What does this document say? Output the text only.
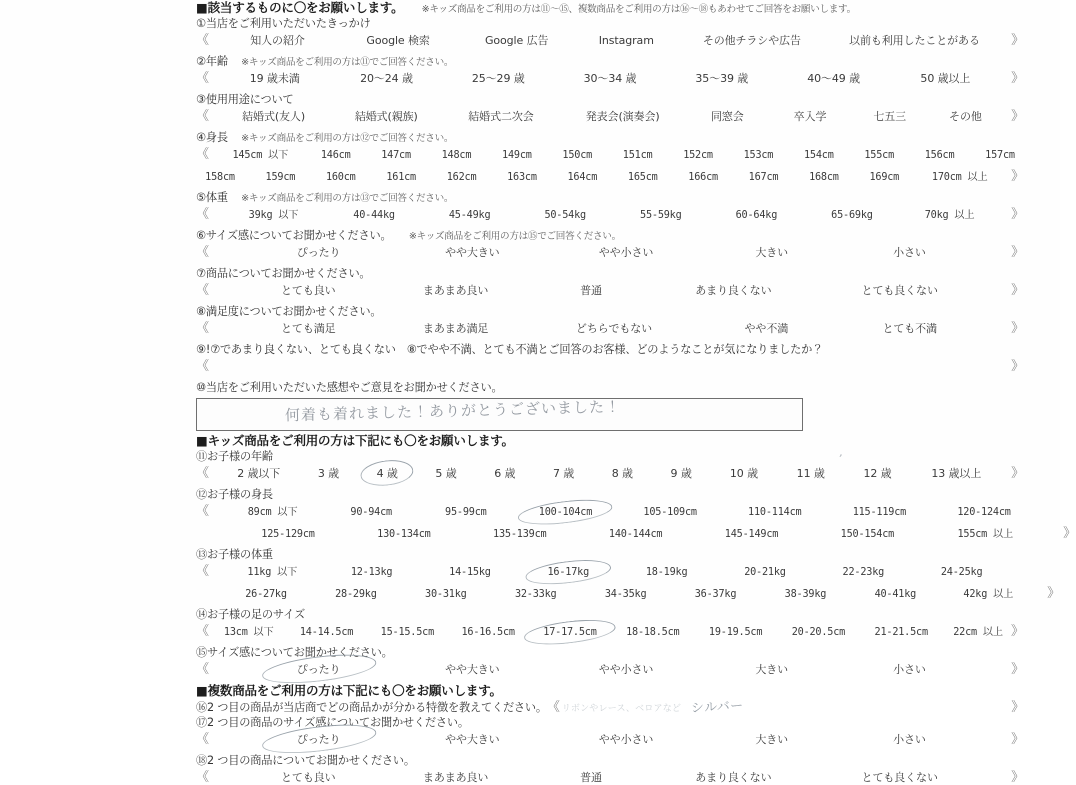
■該当するものに〇をお願いします。 ※キッズ商品をご利用の方は⑪〜⑮、複数商品をご利用の方は⑯〜⑱もあわせてご回答をお願いします。
①当店をご利用いただいたきっかけ
《	知人の紹介	Google 検索	Google 広告	Instagram	その他チラシや広告	以前も利用したことがある	》
②年齢 ※キッズ商品をご利用の方は⑪でご回答ください。
《	19 歳未満	20〜24 歳	25〜29 歳	30〜34 歳	35〜39 歳	40〜49 歳	50 歳以上	》
③使用用途について
《	結婚式(友人)	結婚式(親族)	結婚式二次会	発表会(演奏会)	同窓会	卒入学	七五三	その他	》
④身長 ※キッズ商品をご利用の方は⑫でご回答ください。
《	145cm 以下	146cm	147cm	148cm	149cm	150cm	151cm	152cm	153cm	154cm	155cm	156cm	157cm
158cm	159cm	160cm	161cm	162cm	163cm	164cm	165cm	166cm	167cm	168cm	169cm	170cm 以上	》
⑤体重 ※キッズ商品をご利用の方は⑬でご回答ください。
《	39kg 以下	40-44kg	45-49kg	50-54kg	55-59kg	60-64kg	65-69kg	70kg 以上	》
⑥サイズ感についてお聞かせください。 ※キッズ商品をご利用の方は⑮でご回答ください。
《	ぴったり	やや大きい	やや小さい	大きい	小さい	》
⑦商品についてお聞かせください。
《	とても良い	まあまあ良い	普通	あまり良くない	とても良くない	》
⑧満足度についてお聞かせください。
《	とても満足	まあまあ満足	どちらでもない	やや不満	とても不満	》
⑨!⑦であまり良くない、とても良くない　⑧でやや不満、とても不満とご回答のお客様、どのようなことが気になりましたか？
《	》
⑩当店をご利用いただいた感想やご意見をお聞かせください。
何着も着れました！ありがとうございました！
■キッズ商品をご利用の方は下記にも〇をお願いします。
⑪お子様の年齢
《	2 歳以下	3 歳	4 歳	5 歳	6 歳	7 歳	8 歳	9 歳	10 歳	11 歳	12 歳	13 歳以上	》
⑫お子様の身長
《	89cm 以下	90-94cm	95-99cm	100-104cm	105-109cm	110-114cm	115-119cm	120-124cm
125-129cm	130-134cm	135-139cm	140-144cm	145-149cm	150-154cm	155cm 以上	》
⑬お子様の体重
《	11kg 以下	12-13kg	14-15kg	16-17kg	18-19kg	20-21kg	22-23kg	24-25kg
26-27kg	28-29kg	30-31kg	32-33kg	34-35kg	36-37kg	38-39kg	40-41kg	42kg 以上	》
⑭お子様の足のサイズ
《	13cm 以下	14-14.5cm	15-15.5cm	16-16.5cm	17-17.5cm	18-18.5cm	19-19.5cm	20-20.5cm	21-21.5cm	22cm 以上 》
⑮サイズ感についてお聞かせください。
《	ぴったり	やや大きい	やや小さい	大きい	小さい	》
■複数商品をご利用の方は下記にも〇をお願いします。
⑯2 つ目の商品が当店商でどの商品かが分かる特徴を教えてください。 《 リボンやレース、ベロアなど シルバー	》
⑰2 つ目の商品のサイズ感についてお聞かせください。
《	ぴったり	やや大きい	やや小さい	大きい	小さい	》
⑱2 つ目の商品についてお聞かせください。
《	とても良い	まあまあ良い	普通	あまり良くない	とても良くない	》
ʼ
